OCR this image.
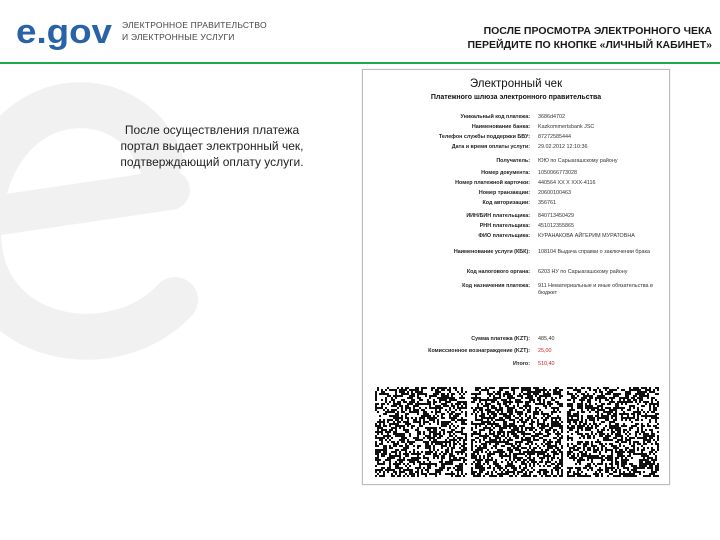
e.gov ЭЛЕКТРОННОЕ ПРАВИТЕЛЬСТВО
И ЭЛЕКТРОННЫЕ УСЛУГИ	ПОСЛЕ ПРОСМОТРА ЭЛЕКТРОННОГО ЧЕКА
ПЕРЕЙДИТЕ ПО КНОПКЕ «ЛИЧНЫЙ КАБИНЕТ»
После осуществления платежа
портал выдает электронный чек,
подтверждающий оплату услуги.
Электронный чек
Платежного шлюза электронного правительства
Уникальный код платежа: 3686d4702
Наименование банка: Kazkommertsbank JSC
Телефон службы поддержки БВУ: 87272585444
Дата и время оплаты услуги: 29.02.2012 12:10:36
Получатель: ЮЮ по Сарыагашскому району
Номер документа: 1050066773028
Номер платежной карточки: 440564 XX X XXX-4116
Номер транзакции: 20600100463
Код авторизации: 356761
ИИН/БИН плательщика: 840713450429
РНН плательщика: 451012355865
ФИО плательщика: КУРАНАКОВА АЙГЕРИМ МУРАТОВНА
Наименование услуги (КБК): 108104 Выдача справки о заключении брака
Код налогового органа: 6203 НУ по Сарыагашскому району
Код назначения платежа: 911 Нематериальные и иные обязательства в бюджет
Сумма платежа (KZT): 485,40
Комиссионное вознаграждение (KZT): 25,00
Итого: 510,40
